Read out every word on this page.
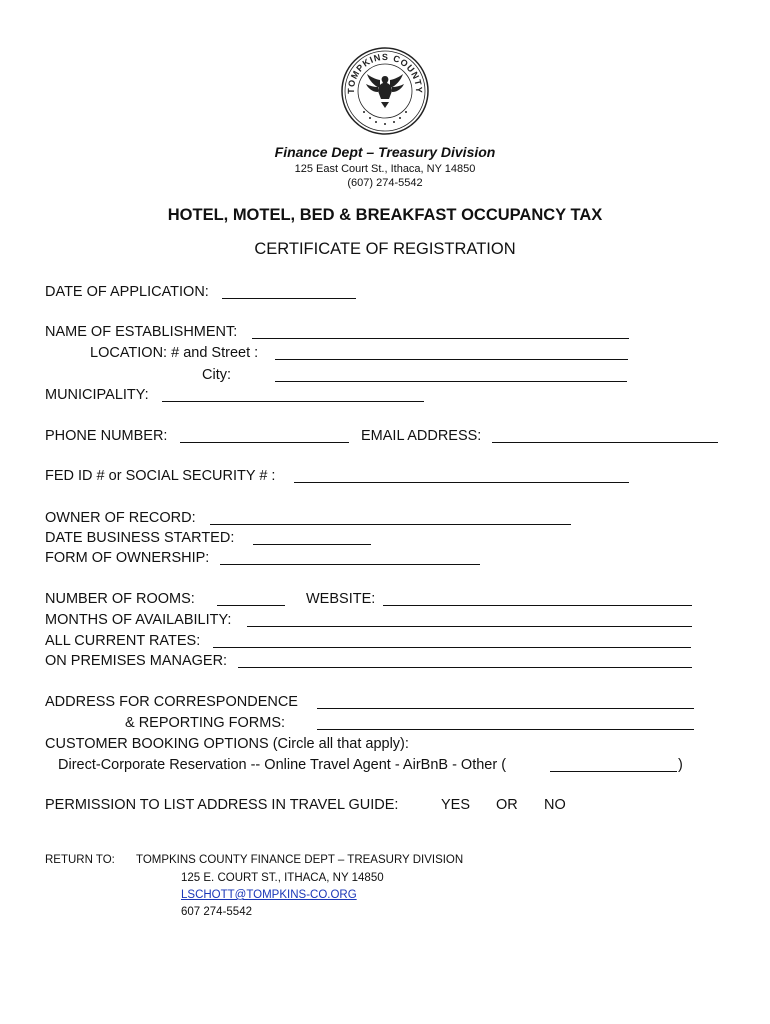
TOMPKINS COUNTY
Finance Dept – Treasury Division
125 East Court St., Ithaca, NY 14850
(607) 274-5542
HOTEL, MOTEL, BED & BREAKFAST OCCUPANCY TAX
CERTIFICATE OF REGISTRATION
DATE OF APPLICATION:
NAME OF ESTABLISHMENT:
LOCATION: # and Street :
City:
MUNICIPALITY:
PHONE NUMBER:	EMAIL ADDRESS:
FED ID # or SOCIAL SECURITY # :
OWNER OF RECORD:
DATE BUSINESS STARTED:
FORM OF OWNERSHIP:
NUMBER OF ROOMS:	WEBSITE:
MONTHS OF AVAILABILITY:
ALL CURRENT RATES:
ON PREMISES MANAGER:
ADDRESS FOR CORRESPONDENCE
& REPORTING FORMS:
CUSTOMER BOOKING OPTIONS (Circle all that apply):
Direct-Corporate Reservation -- Online Travel Agent - AirBnB - Other (	)
PERMISSION TO LIST ADDRESS IN TRAVEL GUIDE:	YES OR NO
RETURN TO: TOMPKINS COUNTY FINANCE DEPT – TREASURY DIVISION
125 E. COURT ST., ITHACA, NY 14850
LSCHOTT@TOMPKINS-CO.ORG
607 274-5542
